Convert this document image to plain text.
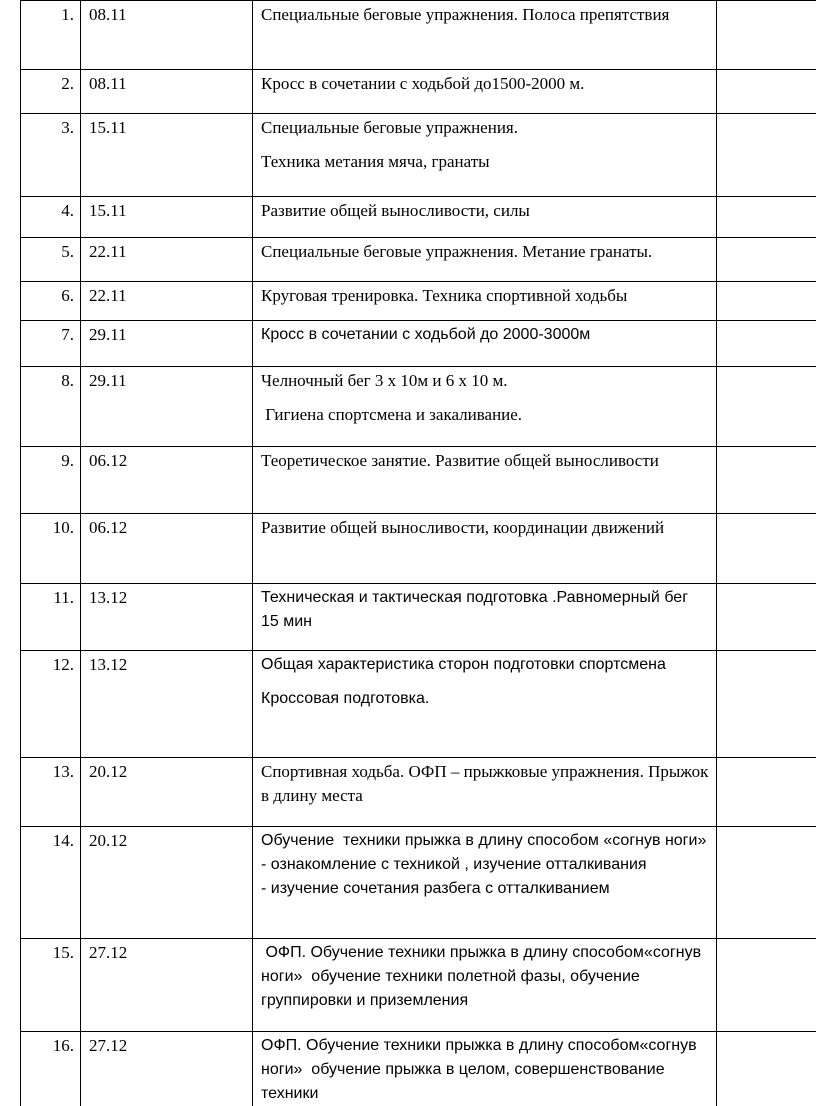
1.	08.11	Специальные беговые упражнения. Полоса препятствия	

2.	08.11	Кросс в сочетании с ходьбой до1500-2000 м.	

3.	15.11	Специальные беговые упражнения.
Техника метания мяча, гранаты	

4.	15.11	Развитие общей выносливости, силы	

5.	22.11	Специальные беговые упражнения. Метание гранаты.	

6.	22.11	Круговая тренировка. Техника спортивной ходьбы	

7.	29.11	Кросс в сочетании с ходьбой до 2000-3000м	

8.	29.11	Челночный бег 3 х 10м и 6 х 10 м.
Гигиена спортсмена и закаливание.	

9.	06.12	Теоретическое занятие. Развитие общей выносливости	

10.	06.12	Развитие общей выносливости, координации движений	

11.	13.12	Техническая и тактическая подготовка .Равномерный бег 15 мин	

12.	13.12	Общая характеристика сторон подготовки спортсмена
Кроссовая подготовка.	

13.	20.12	Спортивная ходьба. ОФП – прыжковые упражнения. Прыжок в длину места	

14.	20.12	Обучение  техники прыжка в длину способом «согнув ноги»
- ознакомление с техникой , изучение отталкивания
- изучение сочетания разбега с отталкиванием	

15.	27.12	ОФП. Обучение техники прыжка в длину способом«согнув ноги»  обучение техники полетной фазы, обучение группировки и приземления	

16.	27.12	ОФП. Обучение техники прыжка в длину способом«согнув ноги»  обучение прыжка в целом, совершенствование  техники	
